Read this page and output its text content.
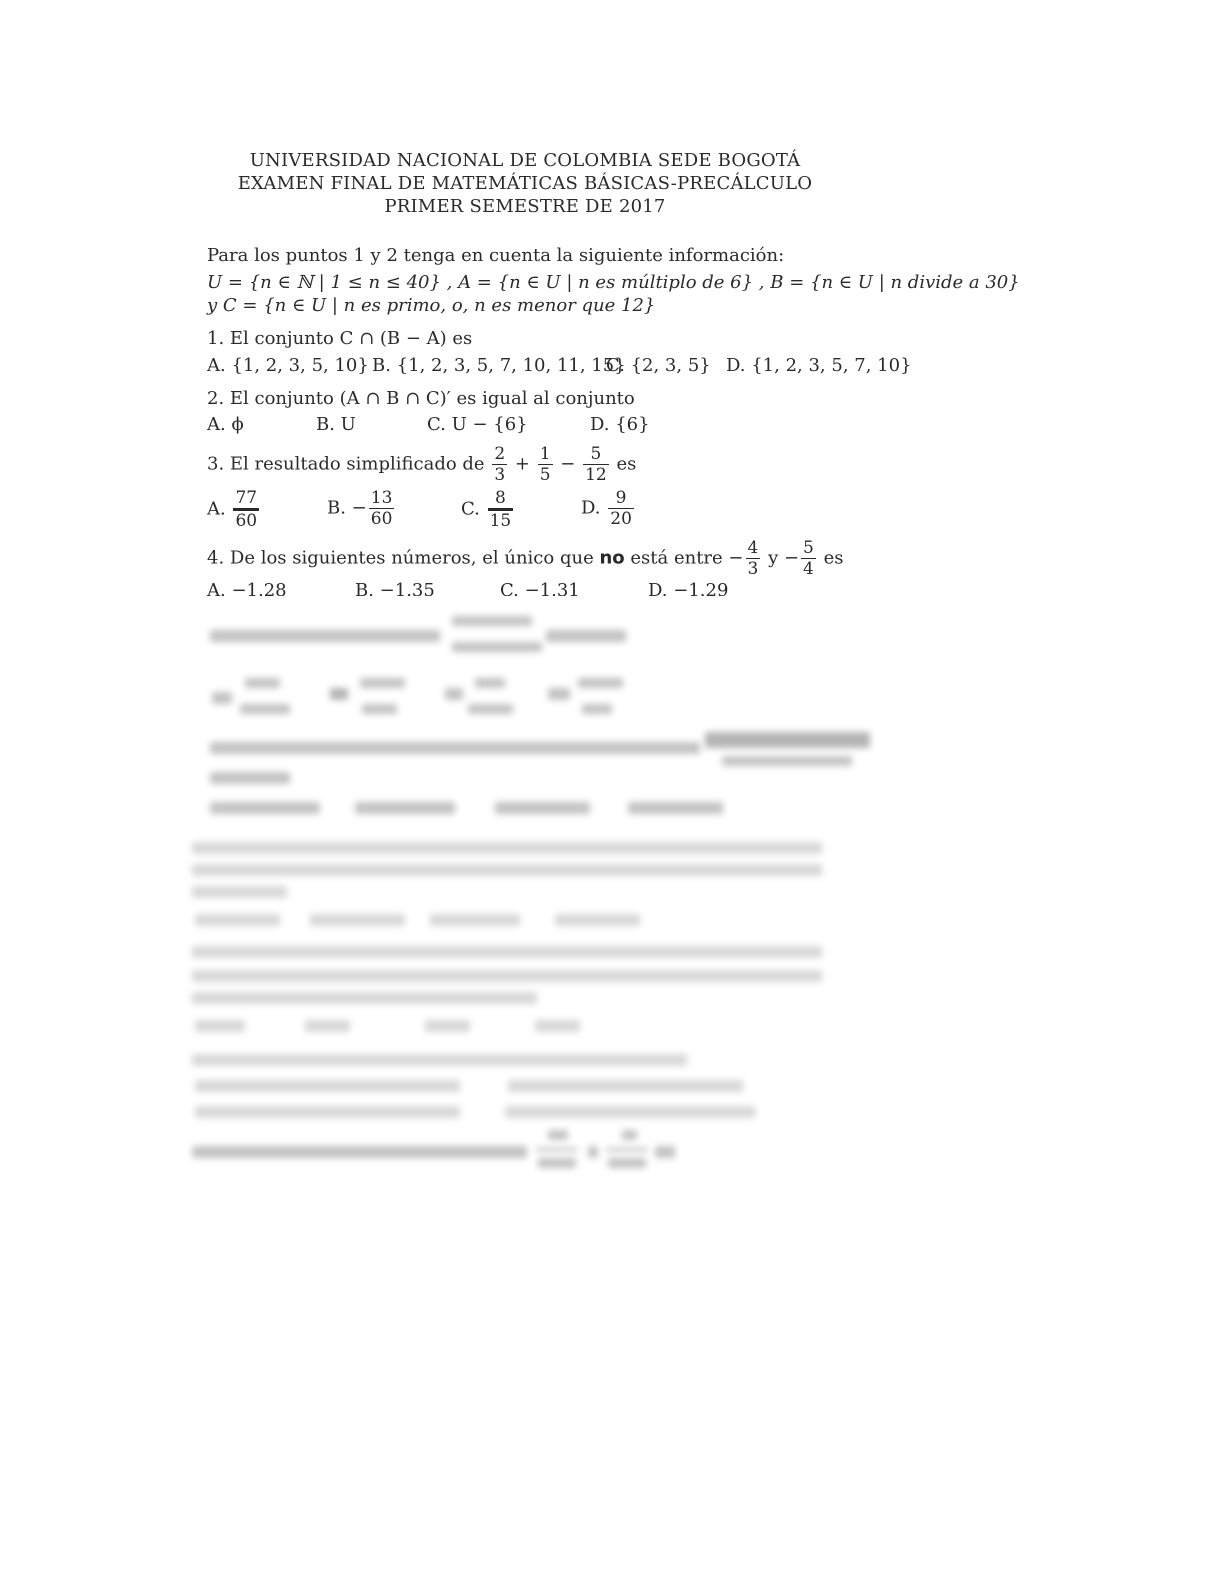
UNIVERSIDAD NACIONAL DE COLOMBIA SEDE BOGOTÁ
EXAMEN FINAL DE MATEMÁTICAS BÁSICAS-PRECÁLCULO
PRIMER SEMESTRE DE 2017
Para los puntos 1 y 2 tenga en cuenta la siguiente información:
U = {n ∈ ℕ | 1 ≤ n ≤ 40} , A = {n ∈ U | n es múltiplo de 6} , B = {n ∈ U | n divide a 30}
y C = {n ∈ U | n es primo, o, n es menor que 12}
1. El conjunto C ∩ (B − A) es
A. {1, 2, 3, 5, 10} B. {1, 2, 3, 5, 7, 10, 11, 15}
C. {2, 3, 5} D. {1, 2, 3, 5, 7, 10}
2. El conjunto (A ∩ B ∩ C)′ es igual al conjunto
A. ϕ	B. U	C. U − {6}	D. {6}
3. El resultado simplificado de $\frac{2}{3} + \frac{1}{5} - \frac{5}{12}$ es
A. $\frac{77}{60}$	B. − $\frac{13}{60}$	C. $\frac{8}{15}$	D. $\frac{9}{20}$
4. De los siguientes números, el único que no está entre − $\frac{4}{3}$ $y - \frac{5}{4}$ es
A. −1.28	B. −1.35	C. −1.31	D. −1.29
